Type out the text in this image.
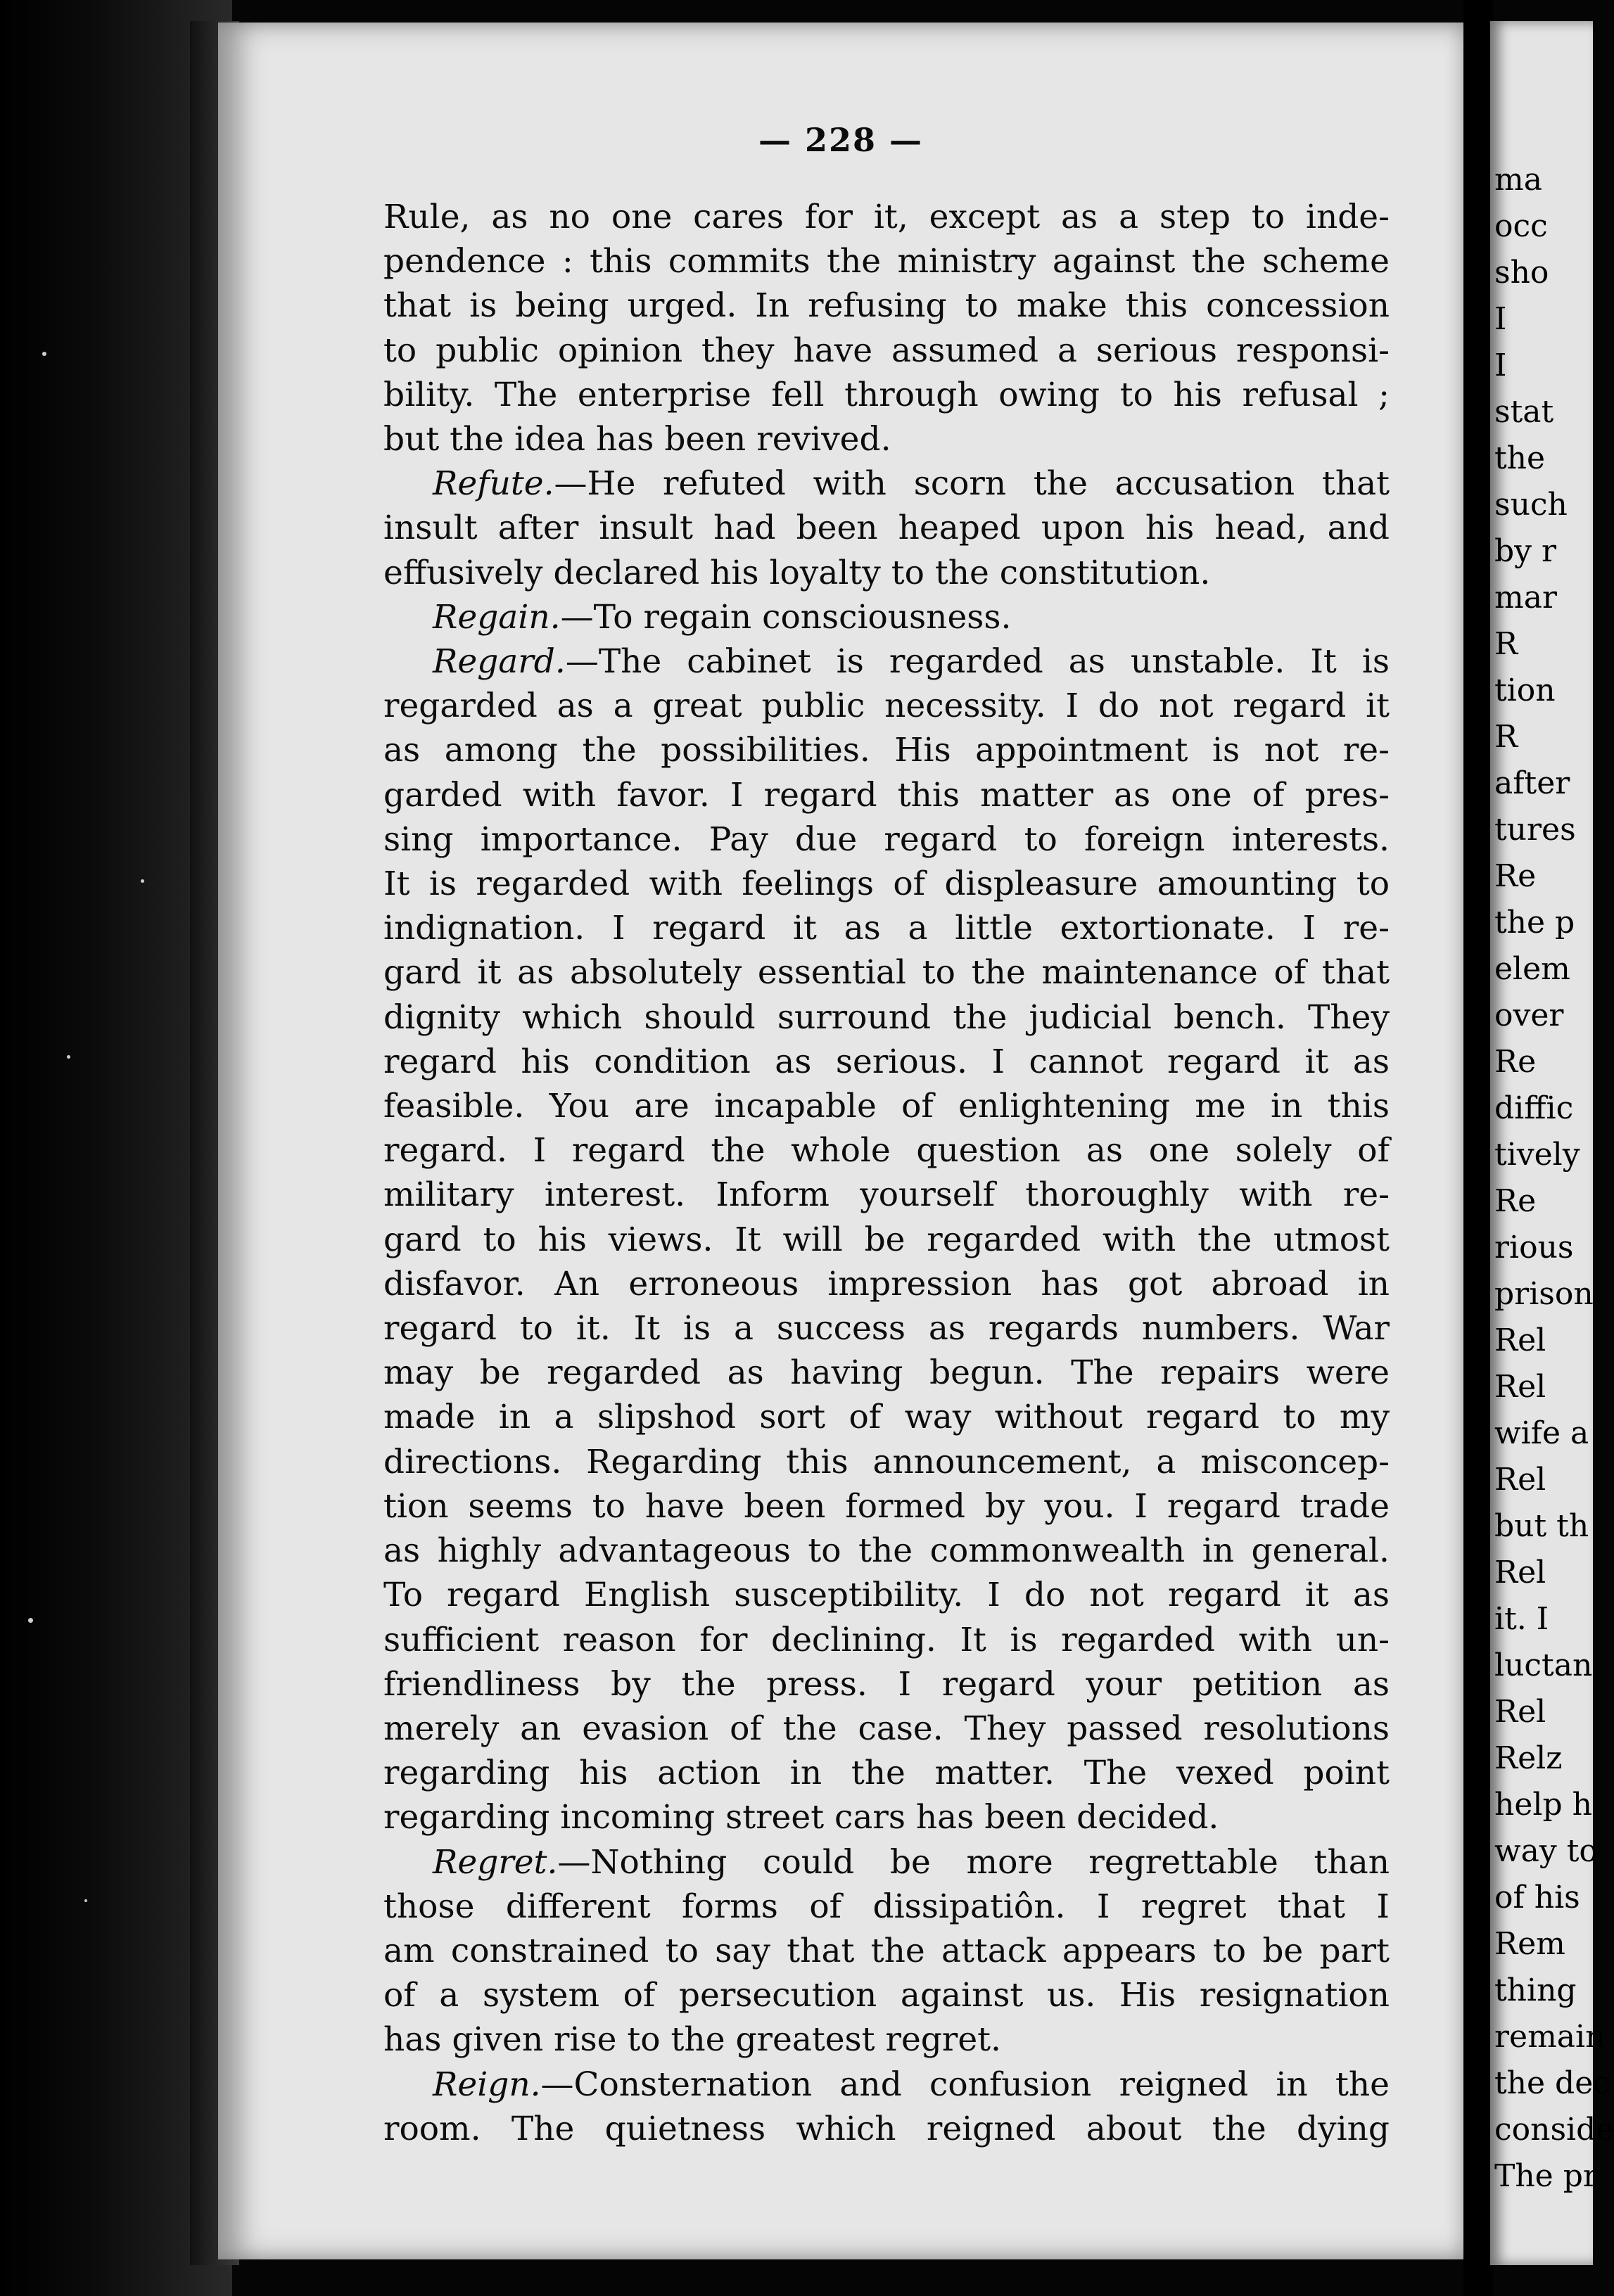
— 228 —
Rule, as no one cares for it, except as a step to inde-
pendence : this commits the ministry against the scheme
that is being urged. In refusing to make this concession
to public opinion they have assumed a serious responsi-
bility. The enterprise fell through owing to his refusal ;
but the idea has been revived.
Refute.—He refuted with scorn the accusation that
insult after insult had been heaped upon his head, and
effusively declared his loyalty to the constitution.
Regain.—To regain consciousness.
Regard.—The cabinet is regarded as unstable. It is
regarded as a great public necessity. I do not regard it
as among the possibilities. His appointment is not re-
garded with favor. I regard this matter as one of pres-
sing importance. Pay due regard to foreign interests.
It is regarded with feelings of displeasure amounting to
indignation. I regard it as a little extortionate. I re-
gard it as absolutely essential to the maintenance of that
dignity which should surround the judicial bench. They
regard his condition as serious. I cannot regard it as
feasible. You are incapable of enlightening me in this
regard. I regard the whole question as one solely of
military interest. Inform yourself thoroughly with re-
gard to his views. It will be regarded with the utmost
disfavor. An erroneous impression has got abroad in
regard to it. It is a success as regards numbers. War
may be regarded as having begun. The repairs were
made in a slipshod sort of way without regard to my
directions. Regarding this announcement, a misconcep-
tion seems to have been formed by you. I regard trade
as highly advantageous to the commonwealth in general.
To regard English susceptibility. I do not regard it as
sufficient reason for declining. It is regarded with un-
friendliness by the press. I regard your petition as
merely an evasion of the case. They passed resolutions
regarding his action in the matter. The vexed point
regarding incoming street cars has been decided.
Regret.—Nothing could be more regrettable than
those different forms of dissipatiôn. I regret that I
am constrained to say that the attack appears to be part
of a system of persecution against us. His resignation
has given rise to the greatest regret.
Reign.—Consternation and confusion reigned in the
room. The quietness which reigned about the dying
ma
occ
sho
I
I
stat
the
such
by r
mar
R
tion
R
after
tures
Re
the p
elem
over
Re
diffic
tively
Re
rious
prison
Rel
Rel
wife a
Rel
but th
Rel
it. I
luctan
Rel
Relz
help h
way to
of his
Rem
thing
remain
the dec
conside
The pr
